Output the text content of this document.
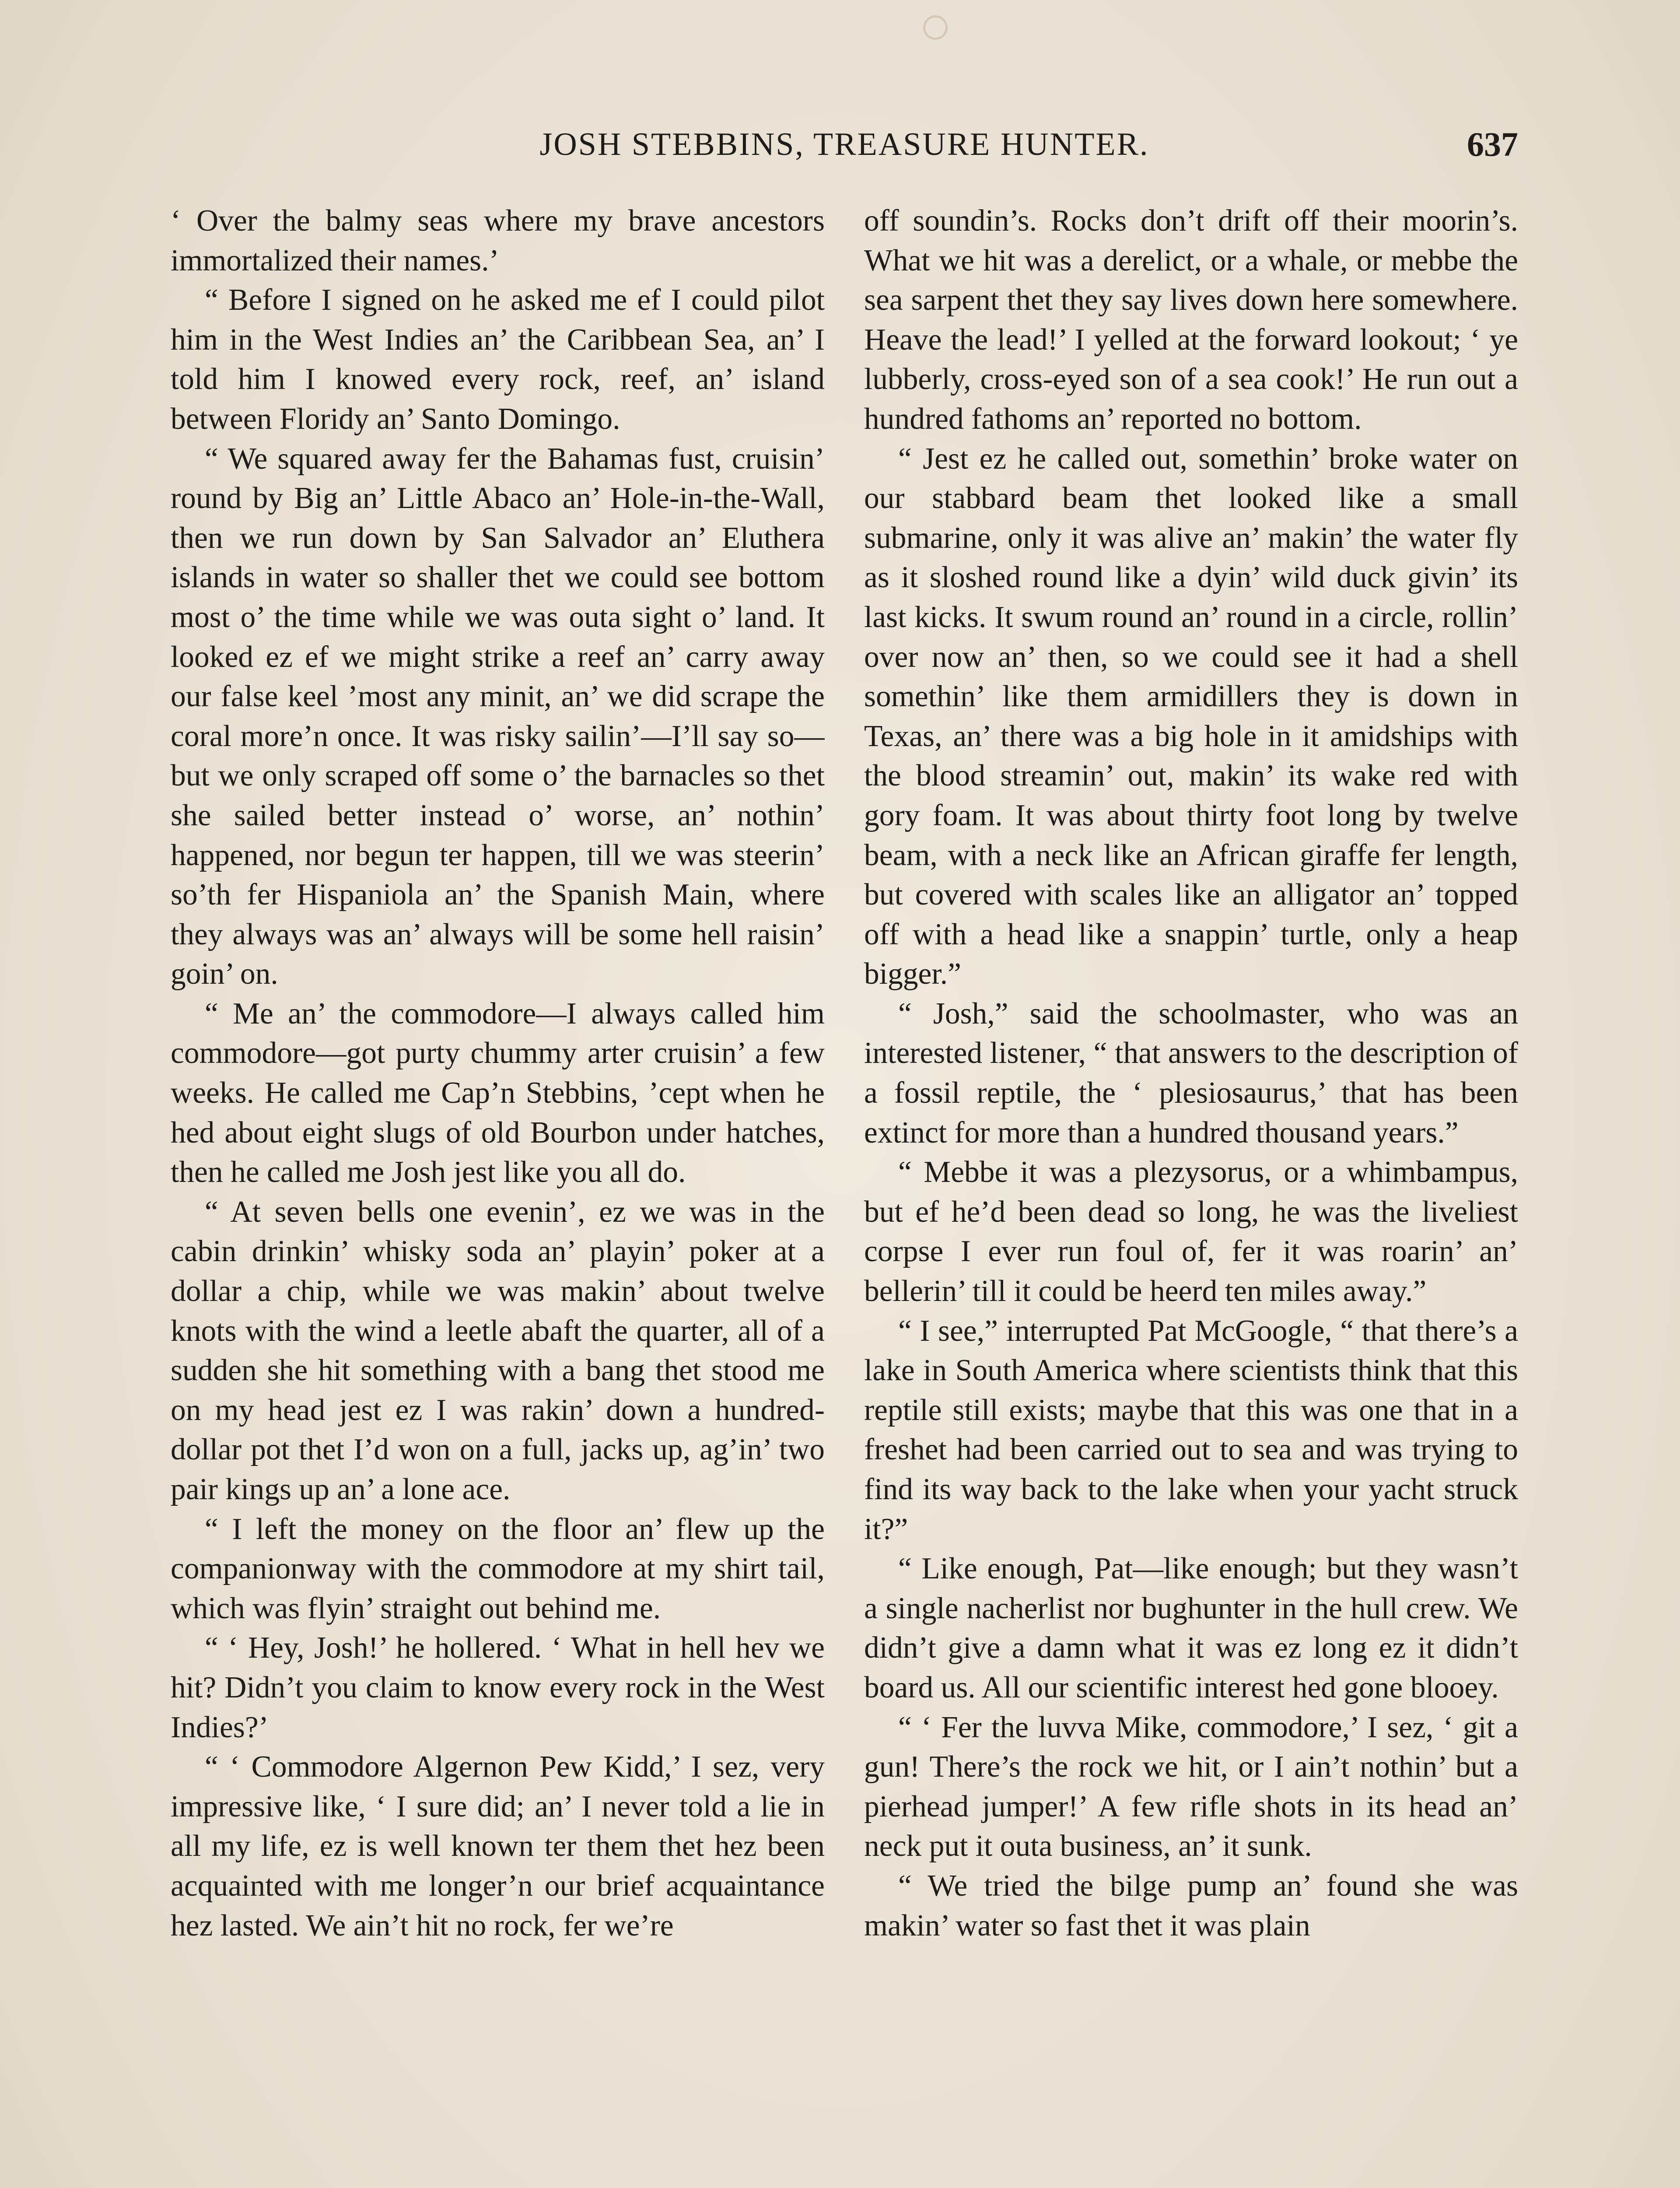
JOSH STEBBINS, TREASURE HUNTER.	637

‘ Over the balmy seas where my brave ancestors immortalized their names.’

“ Before I signed on he asked me ef I could pilot him in the West Indies an’ the Caribbean Sea, an’ I told him I knowed every rock, reef, an’ island between Floridy an’ Santo Domingo.

“ We squared away fer the Bahamas fust, cruisin’ round by Big an’ Little Abaco an’ Hole-in-the-Wall, then we run down by San Salvador an’ Eluthera islands in water so shaller thet we could see bottom most o’ the time while we was outa sight o’ land. It looked ez ef we might strike a reef an’ carry away our false keel ’most any minit, an’ we did scrape the coral more’n once. It was risky sailin’—I’ll say so—but we only scraped off some o’ the barnacles so thet she sailed better instead o’ worse, an’ nothin’ happened, nor begun ter happen, till we was steerin’ so’th fer Hispaniola an’ the Spanish Main, where they always was an’ always will be some hell raisin’ goin’ on.

“ Me an’ the commodore—I always called him commodore—got purty chummy arter cruisin’ a few weeks. He called me Cap’n Stebbins, ’cept when he hed about eight slugs of old Bourbon under hatches, then he called me Josh jest like you all do.

“ At seven bells one evenin’, ez we was in the cabin drinkin’ whisky soda an’ playin’ poker at a dollar a chip, while we was makin’ about twelve knots with the wind a leetle abaft the quarter, all of a sudden she hit something with a bang thet stood me on my head jest ez I was rakin’ down a hundred-dollar pot thet I’d won on a full, jacks up, ag’in’ two pair kings up an’ a lone ace.

“ I left the money on the floor an’ flew up the companionway with the commodore at my shirt tail, which was flyin’ straight out behind me.

“ ‘ Hey, Josh!’ he hollered. ‘ What in hell hev we hit? Didn’t you claim to know every rock in the West Indies?’

“ ‘ Commodore Algernon Pew Kidd,’ I sez, very impressive like, ‘ I sure did; an’ I never told a lie in all my life, ez is well known ter them thet hez been acquainted with me longer’n our brief acquaintance hez lasted. We ain’t hit no rock, fer we’re

off soundin’s. Rocks don’t drift off their moorin’s. What we hit was a derelict, or a whale, or mebbe the sea sarpent thet they say lives down here somewhere. Heave the lead!’ I yelled at the forward lookout; ‘ ye lubberly, cross-eyed son of a sea cook!’ He run out a hundred fathoms an’ reported no bottom.

“ Jest ez he called out, somethin’ broke water on our stabbard beam thet looked like a small submarine, only it was alive an’ makin’ the water fly as it sloshed round like a dyin’ wild duck givin’ its last kicks. It swum round an’ round in a circle, rollin’ over now an’ then, so we could see it had a shell somethin’ like them armidillers they is down in Texas, an’ there was a big hole in it amidships with the blood streamin’ out, makin’ its wake red with gory foam. It was about thirty foot long by twelve beam, with a neck like an African giraffe fer length, but covered with scales like an alligator an’ topped off with a head like a snappin’ turtle, only a heap bigger.”

“ Josh,” said the schoolmaster, who was an interested listener, “ that answers to the description of a fossil reptile, the ‘ plesiosaurus,’ that has been extinct for more than a hundred thousand years.”

“ Mebbe it was a plezysorus, or a whimbampus, but ef he’d been dead so long, he was the liveliest corpse I ever run foul of, fer it was roarin’ an’ bellerin’ till it could be heerd ten miles away.”

“ I see,” interrupted Pat McGoogle, “ that there’s a lake in South America where scientists think that this reptile still exists; maybe that this was one that in a freshet had been carried out to sea and was trying to find its way back to the lake when your yacht struck it?”

“ Like enough, Pat—like enough; but they wasn’t a single nacherlist nor bughunter in the hull crew. We didn’t give a damn what it was ez long ez it didn’t board us. All our scientific interest hed gone blooey.

“ ‘ Fer the luvva Mike, commodore,’ I sez, ‘ git a gun! There’s the rock we hit, or I ain’t nothin’ but a pierhead jumper!’ A few rifle shots in its head an’ neck put it outa business, an’ it sunk.

“ We tried the bilge pump an’ found she was makin’ water so fast thet it was plain
